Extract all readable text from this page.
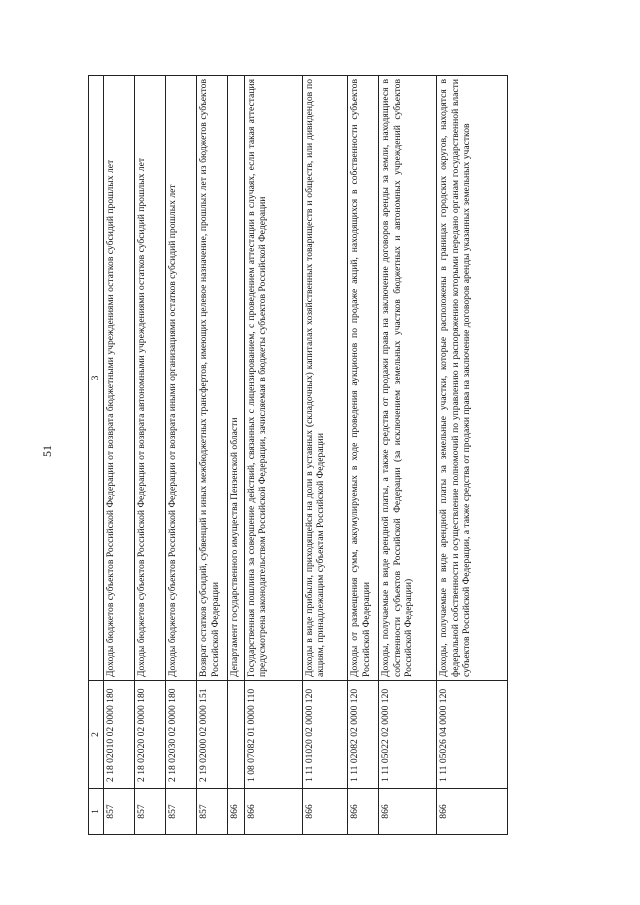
51
1	2	3
857	2 18 02010 02 0000 180	Доходы бюджетов субъектов Российской Федерации от возврата бюджетными учреждениями остатков субсидий прошлых лет
857	2 18 02020 02 0000 180	Доходы бюджетов субъектов Российской Федерации от возврата автономными учреждениями остатков субсидий прошлых лет
857	2 18 02030 02 0000 180	Доходы бюджетов субъектов Российской Федерации от возврата иными организациями остатков субсидий прошлых лет
857	2 19 02000 02 0000 151	Возврат остатков субсидий, субвенций и иных межбюджетных трансфертов, имеющих целевое назначение, прошлых лет из бюджетов субъектов Российской Федерации
866		Департамент государственного имущества Пензенской области
866	1 08 07082 01 0000 110	Государственная пошлина за совершение действий, связанных с лицензированием, с проведением аттестации в случаях, если такая аттестация предусмотрена законодательством Российской Федерации, зачисляемая в бюджеты субъектов Российской Федерации
866	1 11 01020 02 0000 120	Доходы в виде прибыли, приходящейся на доли в уставных (складочных) капиталах хозяйственных товариществ и обществ, или дивидендов по акциям, принадлежащим субъектам Российской Федерации
866	1 11 02082 02 0000 120	Доходы от размещения сумм, аккумулируемых в ходе проведения аукционов по продаже акций, находящихся в собственности субъектов Российской Федерации
866	1 11 05022 02 0000 120	Доходы, получаемые в виде арендной платы, а также средства от продажи права на заключение договоров аренды за земли, находящиеся в собственности субъектов Российской Федерации (за исключением земельных участков бюджетных и автономных учреждений субъектов Российской Федерации)
866	1 11 05026 04 0000 120	Доходы, получаемые в виде арендной платы за земельные участки, которые расположены в границах городских округов, находятся в федеральной собственности и осуществление полномочий по управлению и распоряжению которыми передано органам государственной власти субъектов Российской Федерации, а также средства от продажи права на заключение договоров аренды указанных земельных участков
